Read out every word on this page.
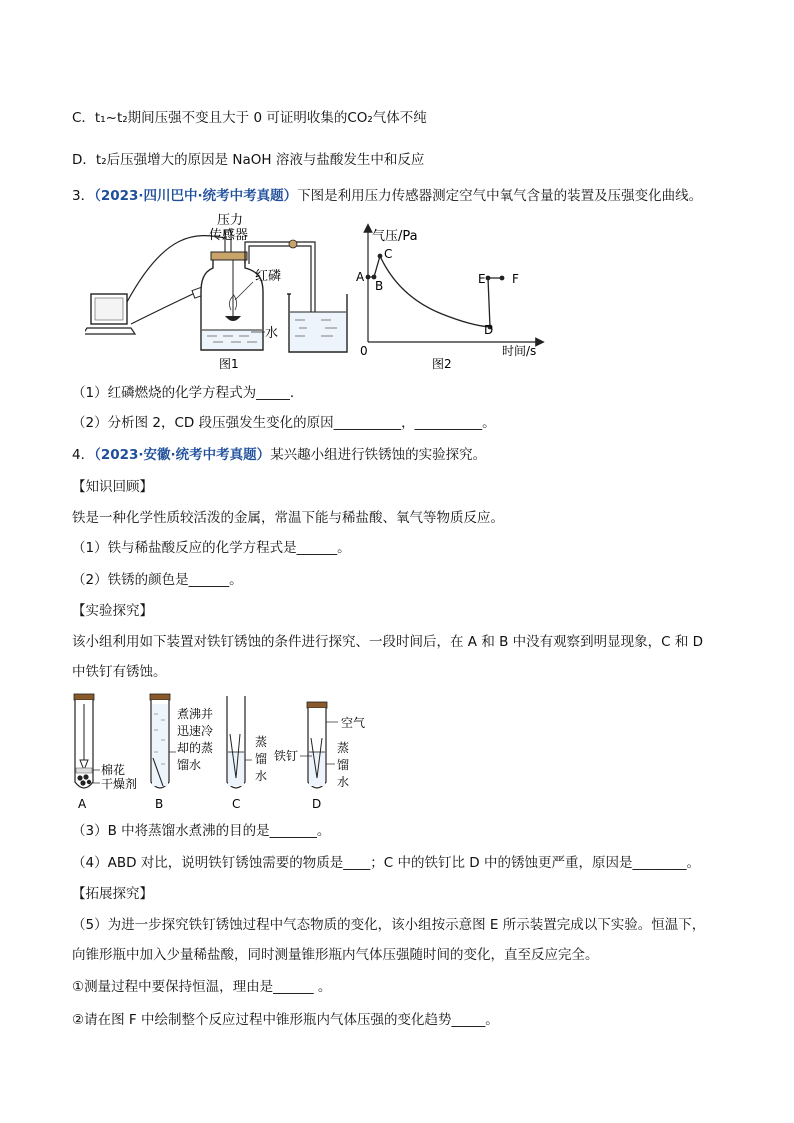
C．t₁~t₂期间压强不变且大于 0 可证明收集的CO₂气体不纯
D．t₂后压强增大的原因是 NaOH 溶液与盐酸发生中和反应
3．（2023·四川巴中·统考中考真题）下图是利用压力传感器测定空气中氧气含量的装置及压强变化曲线。
压力
传感器
红磷
水
图1
气压/Pa
A
B
C
D
E F
0	时间/s
图2
（1）红磷燃烧的化学方程式为_____．
（2）分析图 2，CD 段压强发生变化的原因__________，__________。
4．（2023·安徽·统考中考真题）某兴趣小组进行铁锈蚀的实验探究。
【知识回顾】
铁是一种化学性质较活泼的金属，常温下能与稀盐酸、氧气等物质反应。
（1）铁与稀盐酸反应的化学方程式是______。
（2）铁锈的颜色是______。
【实验探究】
该小组利用如下装置对铁钉锈蚀的条件进行探究、一段时间后，在 A 和 B 中没有观察到明显现象，C 和 D
中铁钉有锈蚀。
棉花
干燥剂
A
煮沸并
迅速冷
却的蒸
馏水
B
蒸
馏
水
C
空气
铁钉
蒸
馏
水
D
（3）B 中将蒸馏水煮沸的目的是_______。
（4）ABD 对比，说明铁钉锈蚀需要的物质是____；C 中的铁钉比 D 中的锈蚀更严重，原因是________。
【拓展探究】
（5）为进一步探究铁钉锈蚀过程中气态物质的变化，该小组按示意图 E 所示装置完成以下实验。恒温下，
向锥形瓶中加入少量稀盐酸，同时测量锥形瓶内气体压强随时间的变化，直至反应完全。
①测量过程中要保持恒温，理由是______ 。
②请在图 F 中绘制整个反应过程中锥形瓶内气体压强的变化趋势_____。
